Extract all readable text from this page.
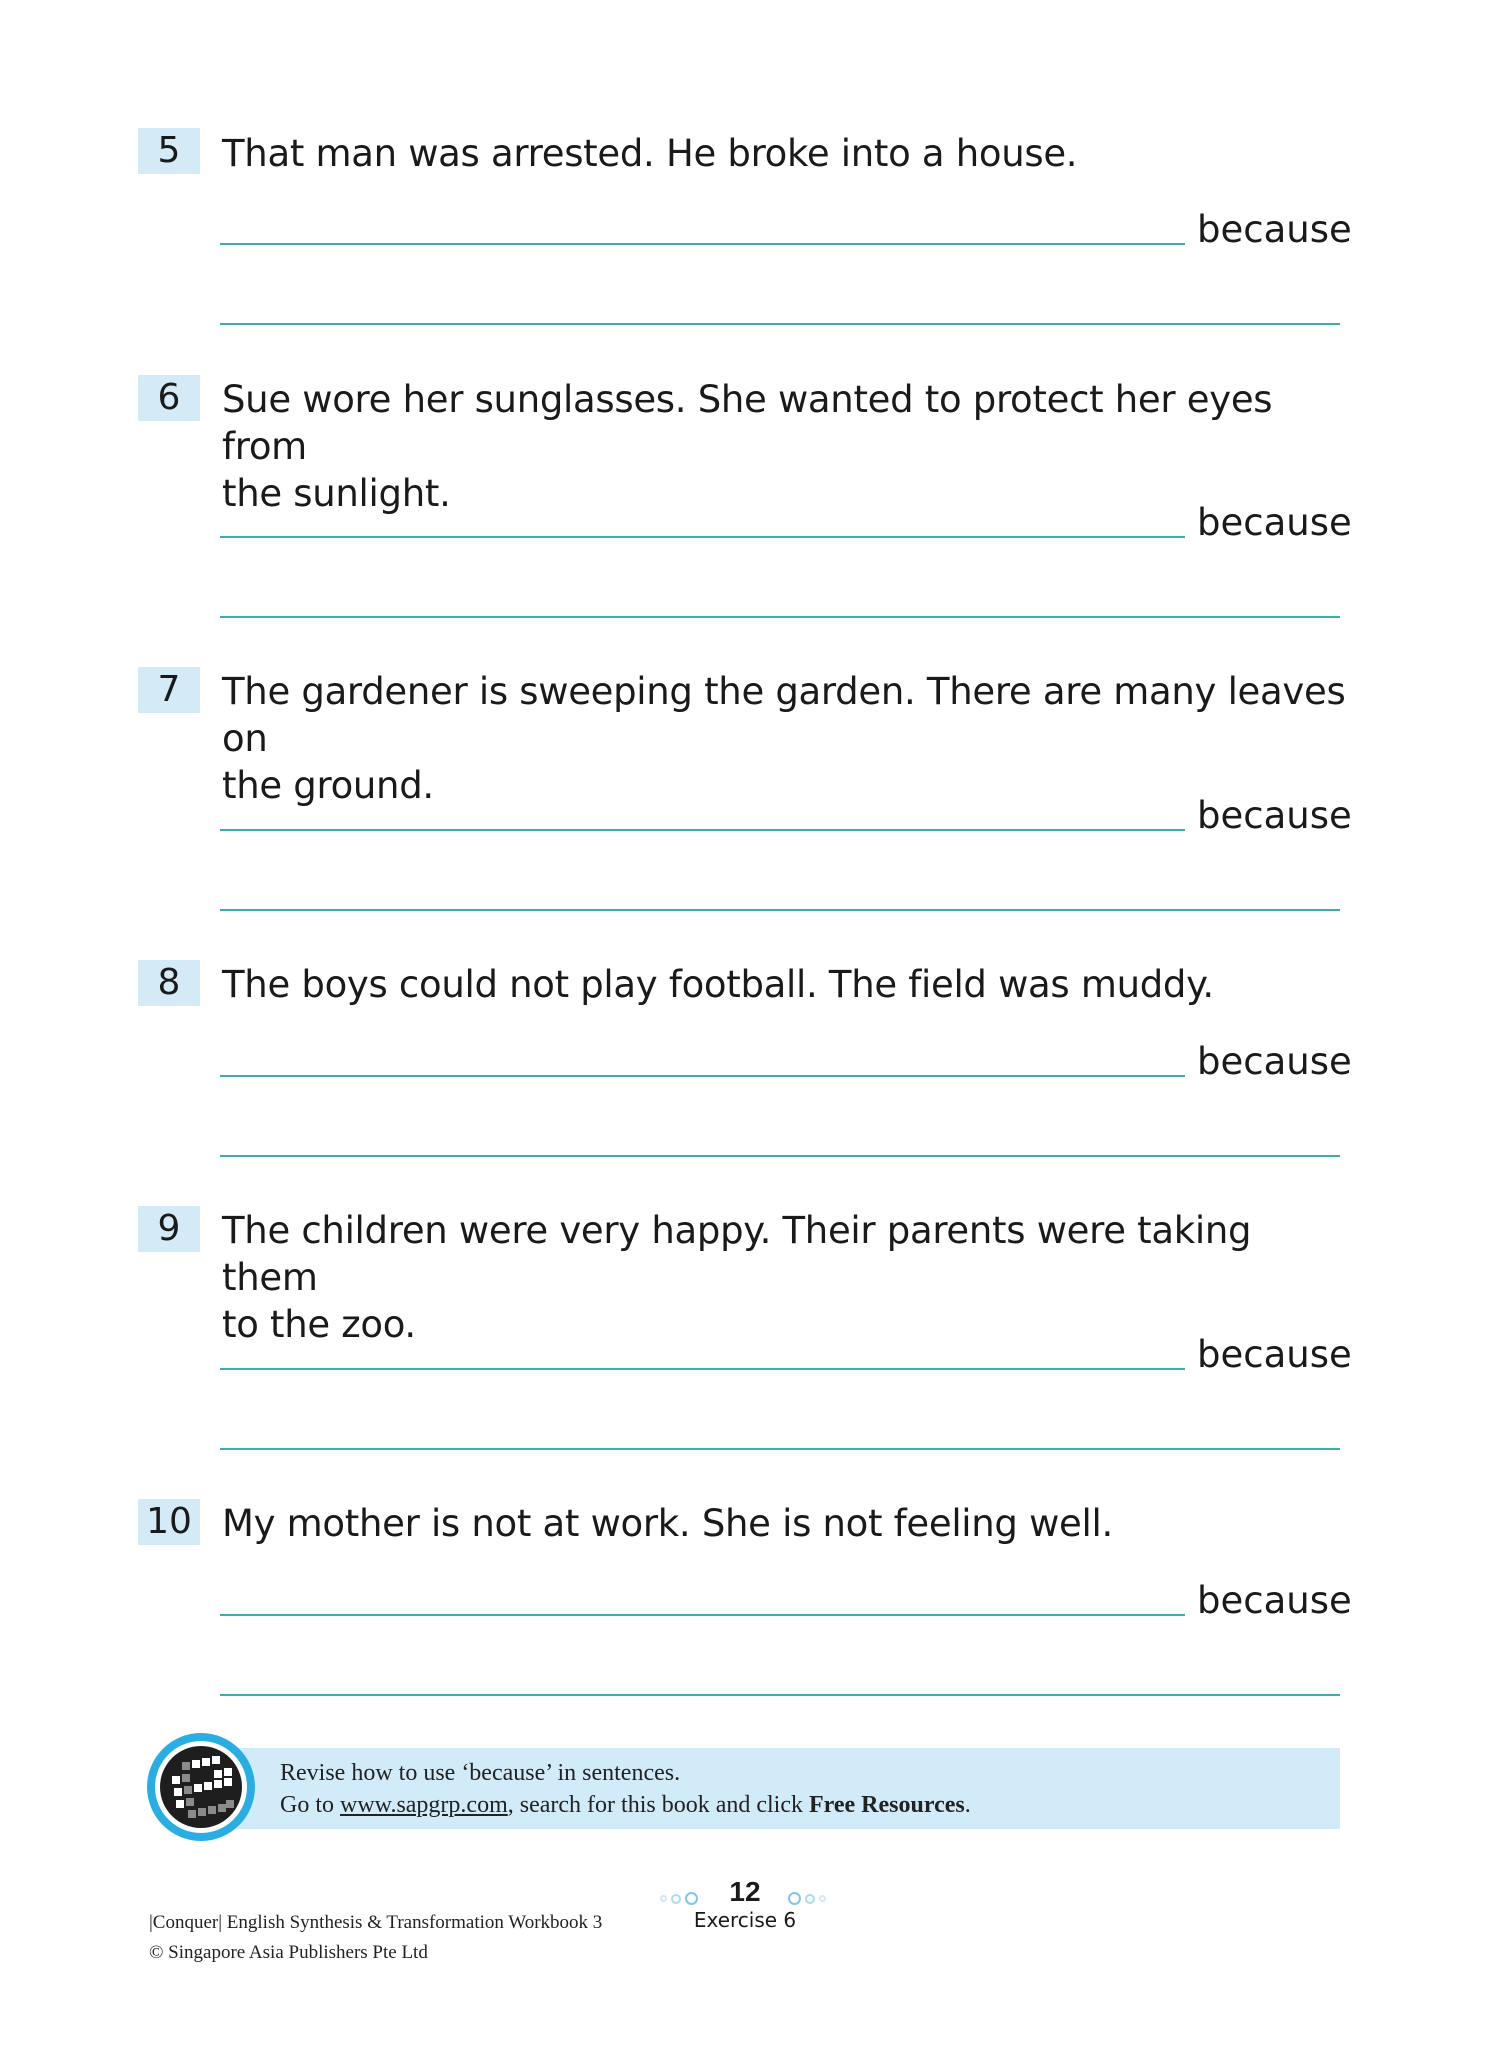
5	That man was arrested. He broke into a house.
because
6	Sue wore her sunglasses. She wanted to protect her eyes from
the sunlight.
because
7	The gardener is sweeping the garden. There are many leaves on
the ground.
because
8	The boys could not play football. The field was muddy.
because
9	The children were very happy. Their parents were taking them
to the zoo.
because
10 My mother is not at work. She is not feeling well.
because
Revise how to use ‘because’ in sentences.
Go to www.sapgrp.com, search for this book and click Free Resources.
12
Exercise 6
|Conquer| English Synthesis & Transformation Workbook 3
© Singapore Asia Publishers Pte Ltd
